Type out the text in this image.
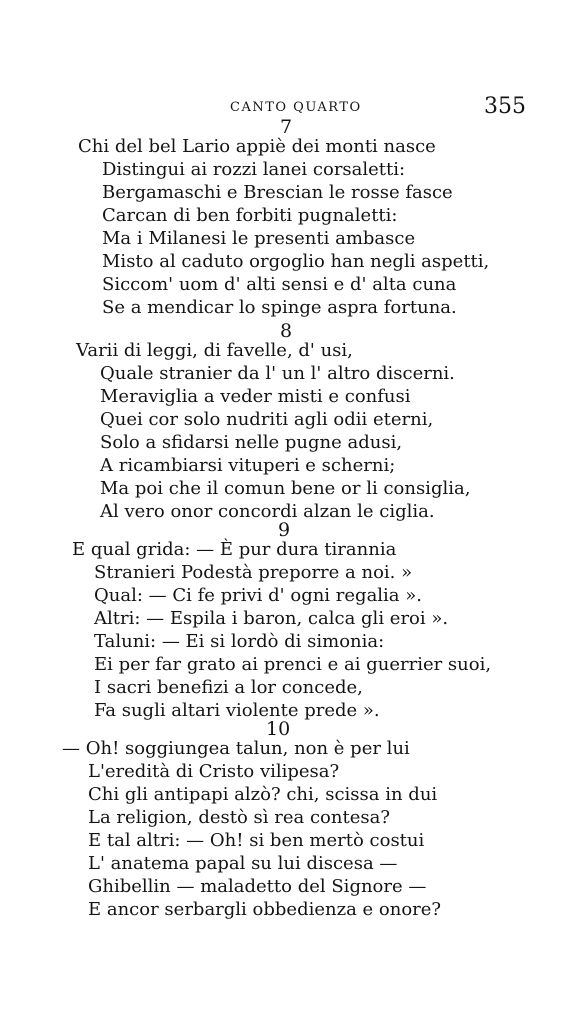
CANTO QUARTO	355
7
Chi del bel Lario appiè dei monti nasce
Distingui ai rozzi lanei corsaletti:
Bergamaschi e Brescian le rosse fasce
Carcan di ben forbiti pugnaletti:
Ma i Milanesi le presenti ambasce
Misto al caduto orgoglio han negli aspetti,
Siccom' uom d' alti sensi e d' alta cuna
Se a mendicar lo spinge aspra fortuna.
8
Varii di leggi, di favelle, d' usi,
Quale stranier da l' un l' altro discerni.
Meraviglia a veder misti e confusi
Quei cor solo nudriti agli odii eterni,
Solo a sfidarsi nelle pugne adusi,
A ricambiarsi vituperi e scherni;
Ma poi che il comun bene or li consiglia,
Al vero onor concordi alzan le ciglia.
9
E qual grida: — È pur dura tirannia
Stranieri Podestà preporre a noi. »
Qual: — Ci fe privi d' ogni regalia ».
Altri: — Espila i baron, calca gli eroi ».
Taluni: — Ei si lordò di simonia:
Ei per far grato ai prenci e ai guerrier suoi,
I sacri benefizi a lor concede,
Fa sugli altari violente prede ».
10
— Oh! soggiungea talun, non è per lui
L'eredità di Cristo vilipesa?
Chi gli antipapi alzò? chi, scissa in dui
La religion, destò sì rea contesa?
E tal altri: — Oh! si ben mertò costui
L' anatema papal su lui discesa —
Ghibellin — maladetto del Signore —
E ancor serbargli obbedienza e onore?
